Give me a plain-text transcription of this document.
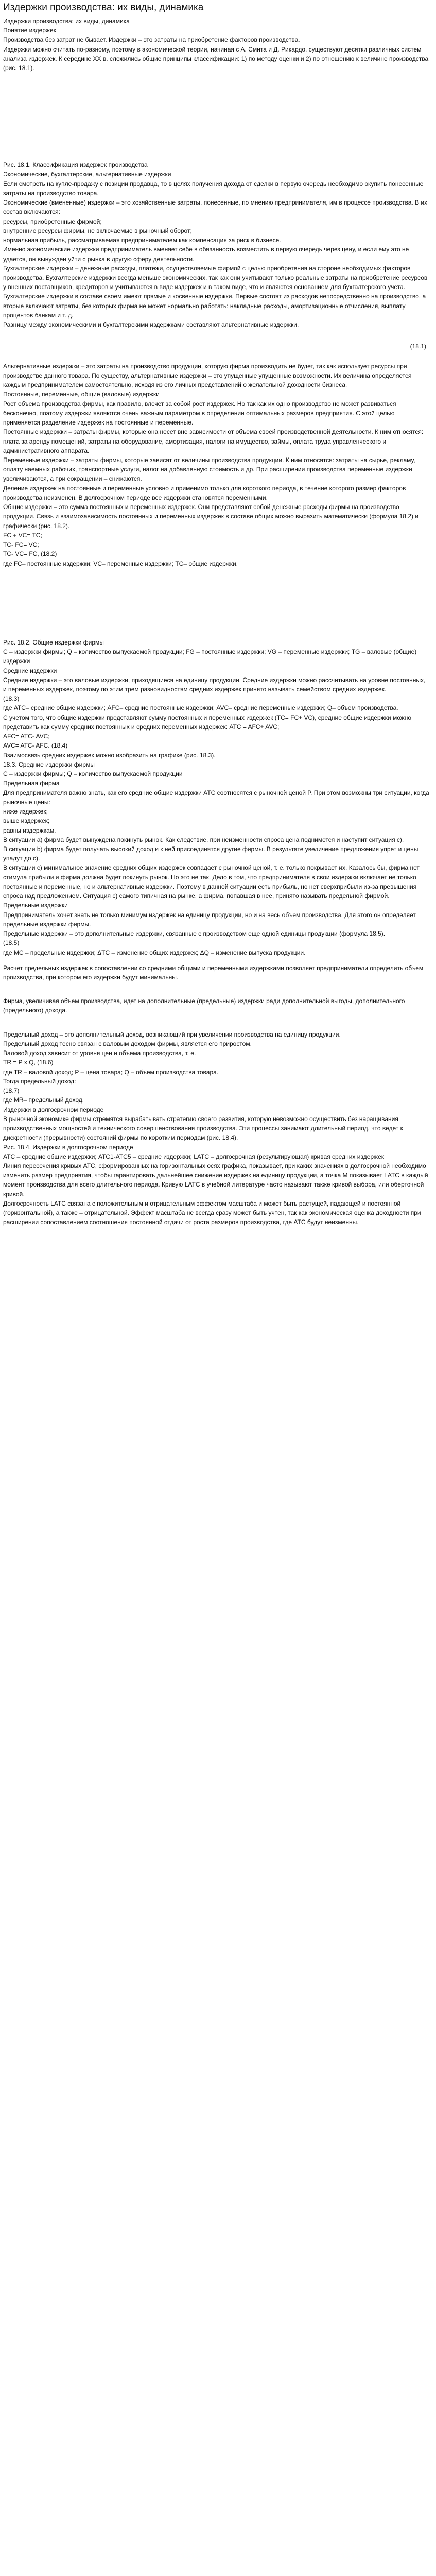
Издержки производства: их виды, динамика

Издержки производства: их виды, динамика

Понятие издержек

Производства без затрат не бывает. Издержки – это затраты на приобретение факторов производства.

Издержки можно считать по-разному, поэтому в экономической теории, начиная с А. Смита и Д. Рикардо, существуют десятки различных систем анализа издержек. К середине XX в. сложились общие принципы классификации: 1) по методу оценки и 2) по отношению к величине производства (рис. 18.1).

Рис. 18.1. Классификация издержек производства

Экономические, бухгалтерские, альтернативные издержки

Если смотреть на купле-продажу с позиции продавца, то в целях получения дохода от сделки в первую очередь необходимо окупить понесенные затраты на производство товара.

Экономические (вмененные) издержки – это хозяйственные затраты, понесенные, по мнению предпринимателя, им в процессе производства. В их состав включаются:

ресурсы, приобретенные фирмой;

внутренние ресурсы фирмы, не включаемые в рыночный оборот;

нормальная прибыль, рассматриваемая предпринимателем как компенсация за риск в бизнесе.

Именно экономические издержки предприниматель вменяет себе в обязанность возместить в первую очередь через цену, и если ему это не удается, он вынужден уйти с рынка в другую сферу деятельности.

Бухгалтерские издержки – денежные расходы, платежи, осуществляемые фирмой с целью приобретения на стороне необходимых факторов производства. Бухгалтерские издержки всегда меньше экономических, так как они учитывают только реальные затраты на приобретение ресурсов у внешних поставщиков, кредиторов и учитываются в виде издержек и в таком виде, что и являются основанием для бухгалтерского учета.

Бухгалтерские издержки в составе своем имеют прямые и косвенные издержки. Первые состоят из расходов непосредственно на производство, а вторые включают затраты, без которых фирма не может нормально работать: накладные расходы, амортизационные отчисления, выплату процентов банкам и т. д.

Разницу между экономическими и бухгалтерскими издержками составляют альтернативные издержки.

(18.1)

Альтернативные издержки – это затраты на производство продукции, которую фирма производить не будет, так как использует ресурсы при производстве данного товара. По существу, альтернативные издержки – это упущенные упущенные возможности. Их величина определяется каждым предпринимателем самостоятельно, исходя из его личных представлений о желательной доходности бизнеса.

Постоянные, переменные, общие (валовые) издержки

Рост объема производства фирмы, как правило, влечет за собой рост издержек. Но так как их одно производство не может развиваться бесконечно, поэтому издержки являются очень важным параметром в определении оптимальных размеров предприятия. С этой целью применяется разделение издержек на постоянные и переменные.

Постоянные издержки – затраты фирмы, которые она несет вне зависимости от объема своей производственной деятельности. К ним относятся: плата за аренду помещений, затраты на оборудование, амортизация, налоги на имущество, займы, оплата труда управленческого и административного аппарата.

Переменные издержки – затраты фирмы, которые зависят от величины производства продукции. К ним относятся: затраты на сырье, рекламу, оплату наемных рабочих, транспортные услуги, налог на добавленную стоимость и др. При расширении производства переменные издержки увеличиваются, а при сокращении – снижаются.

Деление издержек на постоянные и переменные условно и применимо только для короткого периода, в течение которого размер факторов производства неизменен. В долгосрочном периоде все издержки становятся переменными.

Общие издержки – это сумма постоянных и переменных издержек. Они представляют собой денежные расходы фирмы на производство продукции. Связь и взаимозависимость постоянных и переменных издержек в составе общих можно выразить математически (формула 18.2) и графически (рис. 18.2).

FC + VC= TC;

TC- FC= VC;

TC- VC= FC, (18.2)

где FC– постоянные издержки; VC– переменные издержки; TC– общие издержки.

Рис. 18.2. Общие издержки фирмы

C – издержки фирмы; Q – количество выпускаемой продукции; FG – постоянные издержки; VG – переменные издержки; TG – валовые (общие) издержки

Средние издержки

Средние издержки – это валовые издержки, приходящиеся на единицу продукции. Средние издержки можно рассчитывать на уровне постоянных, и переменных издержек, поэтому по этим трем разновидностям средних издержек принято называть семейством средних издержек.

(18.3)

где ATC– средние общие издержки; AFC– средние постоянные издержки; AVC– средние переменные издержки; Q– объем производства.

С учетом того, что общие издержки представляют сумму постоянных и переменных издержек (ТС= FC+ VC), средние общие издержки можно представить как сумму средних постоянных и средних переменных издержек: ATC = AFC+ AVC;

AFC= ATC- AVC;

AVC= ATC- AFC. (18.4)

Взаимосвязь средних издержек можно изобразить на графике (рис. 18.3).

18.3. Средние издержки фирмы

C – издержки фирмы; Q – количество выпускаемой продукции

Предельная фирма

Для предпринимателя важно знать, как его средние общие издержки ATC соотносятся с рыночной ценой Р. При этом возможны три ситуации, когда рыночные цены:

ниже издержек;

выше издержек;

равны издержкам.

В ситуации а) фирма будет вынуждена покинуть рынок. Как следствие, при неизменности спроса цена поднимется и наступит ситуация с).

В ситуации b) фирма будет получать высокий доход и к ней присоединятся другие фирмы. В результате увеличение предложения упрет и цены упадут до с).

В ситуации с) минимальное значение средних общих издержек совпадает с рыночной ценой, т. е. только покрывает их. Казалось бы, фирма нет стимула прибыли и фирма должна будет покинуть рынок. Но это не так. Дело в том, что предпринимателя в свои издержки включает не только постоянные и переменные, но и альтернативные издержки. Поэтому в данной ситуации есть прибыль, но нет сверхприбыли из-за превышения спроса над предложением. Ситуация с) самого типичная на рынке, а фирма, попавшая в нее, принято называть предельной фирмой.

Предельные издержки

Предприниматель хочет знать не только минимум издержек на единицу продукции, но и на весь объем производства. Для этого он определяет предельные издержки фирмы.

Предельные издержки – это дополнительные издержки, связанные с производством еще одной единицы продукции (формула 18.5).

(18.5)

где MC – предельные издержки; ΔTC – изменение общих издержек; ΔQ – изменение выпуска продукции.

Расчет предельных издержек в сопоставлении со средними общими и переменными издержками позволяет предприниматели определить объем производства, при котором его издержки будут минимальны.

Фирма, увеличивая объем производства, идет на дополнительные (предельные) издержки ради дополнительной выгоды, дополнительного (предельного) дохода.

Предельный доход – это дополнительный доход, возникающий при увеличении производства на единицу продукции.

Предельный доход тесно связан с валовым доходом фирмы, является его приростом.

Валовой доход зависит от уровня цен и объема производства, т. е.

TR = P x Q, (18.6)

где TR – валовой доход; P – цена товара; Q – объем производства товара.

Тогда предельный доход:

(18.7)

где MR– предельный доход.

Издержки в долгосрочном периоде

В рыночной экономике фирмы стремятся вырабатывать стратегию своего развития, которую невозможно осуществить без наращивания производственных мощностей и технического совершенствования производства. Эти процессы занимают длительный период, что ведет к дискретности (прерывности) состояний фирмы по коротким периодам (рис. 18.4).

Рис. 18.4. Издержки в долгосрочном периоде

ATC – средние общие издержки; ATC1-ATC5 – средние издержки; LATC – долгосрочная (результирующая) кривая средних издержек

Линия пересечения кривых ATC, сформированных на горизонтальных осях графика, показывает, при каких значениях в долгосрочной необходимо изменить размер предприятия, чтобы гарантировать дальнейшее снижение издержек на единицу продукции, а точка М показывает LATC в каждый момент производства для всего длительного периода. Кривую LATC в учебной литературе часто называют также кривой выбора, или оберточной кривой.

Долгосрочность LATC связана с положительным и отрицательным эффектом масштаба и может быть растущей, падающей и постоянной (горизонтальной), а также – отрицательной. Эффект масштаба не всегда сразу может быть учтен, так как экономическая оценка доходности при расширении сопоставлением соотношения постоянной отдачи от роста размеров производства, где ATC будут неизменны.
